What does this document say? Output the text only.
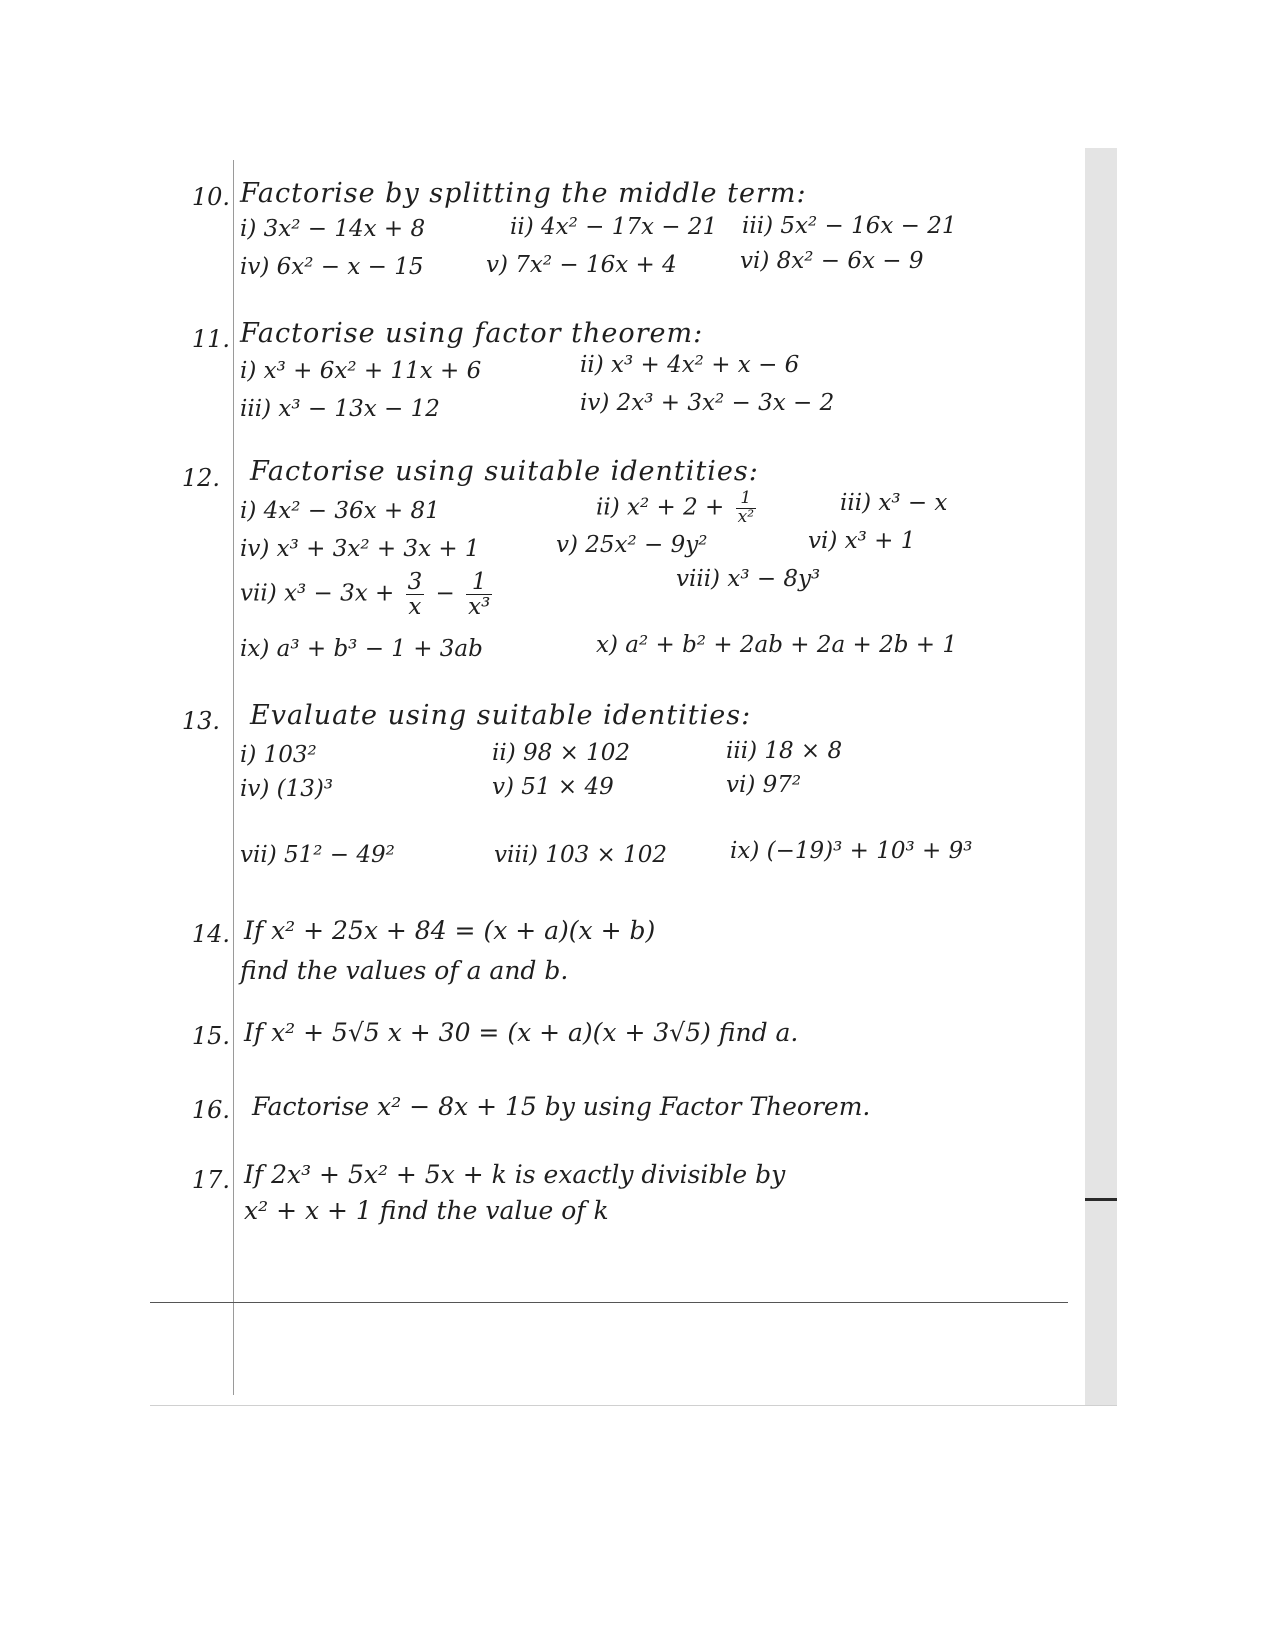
10. Factorise by splitting the middle term:
i) 3x² − 14x + 8	ii) 4x² − 17x − 21 iii) 5x² − 16x − 21
iv) 6x² − x − 15	v) 7x² − 16x + 4	vi) 8x² − 6x − 9
11. Factorise using factor theorem:
i) x³ + 6x² + 11x + 6	ii) x³ + 4x² + x − 6
iii) x³ − 13x − 12	iv) 2x³ + 3x² − 3x − 2
12. Factorise using suitable identities:
i) 4x² − 36x + 81	ii) $x^2 + 2 + \frac{1}{\text{x²}}$	iii) x³ − x
iv) x³ + 3x² + 3x + 1	v) 25x² − 9y²	vi) x³ + 1
vii) $x^3 - 3x + \frac{3}{x} - \frac{1}{\text{x³}}$	viii) x³ − 8y³
ix) a³ + b³ − 1 + 3ab	x) a² + b² + 2ab + 2a + 2b + 1
13. Evaluate using suitable identities:
i) 103²	ii) 98 × 102	iii) 18 × 8
iv) (13)³	v) 51 × 49	vi) 97²
vii) 51² − 49²	viii) 103 × 102	ix) (−19)³ + 10³ + 9³
14. If x² + 25x + 84 = (x + a)(x + b)
find the values of a and b.
15. If x² + 5√5 x + 30 = (x + a)(x + 3√5) find a.
16. Factorise x² − 8x + 15 by using Factor Theorem.
17. If 2x³ + 5x² + 5x + k is exactly divisible by
x² + x + 1 find the value of k
